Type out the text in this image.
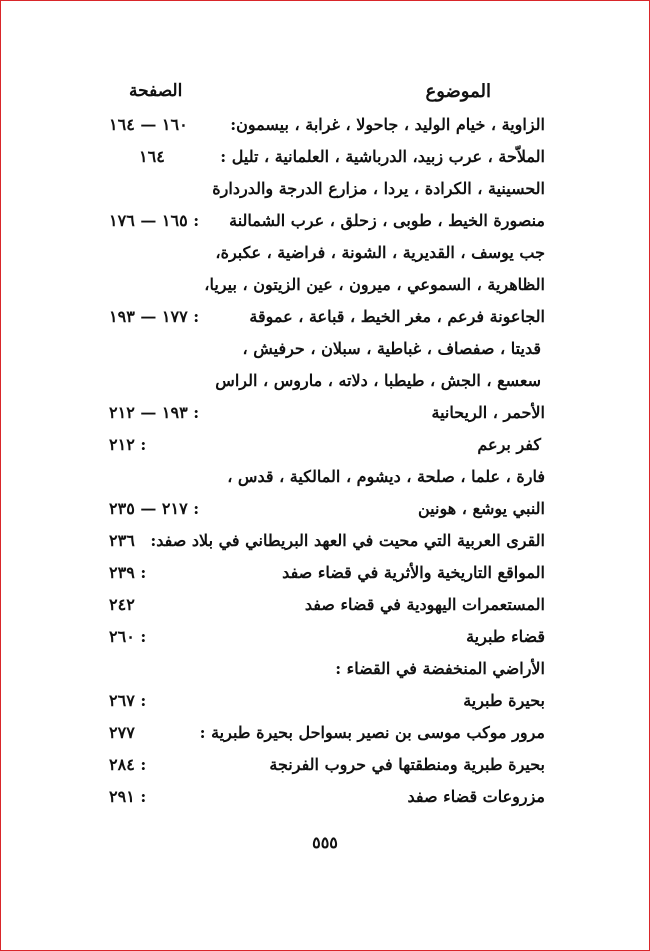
الموضوع
الصفحة
الزاوية ، خيام الوليد ، جاحولا ، غرابة ، بيسمون:
١٦٠ — ١٦٤
الملاّحة ، عرب زبيد، الدرباشية ، العلمانية ، تليل :
١٦٤
الحسينية ، الكرادة ، يردا ، مزارع الدرجة والدردارة
منصورة الخيط ، طوبى ، زحلق ، عرب الشمالنة
: ١٦٥ — ١٧٦
جب يوسف ، القديرية ، الشونة ، فراضية ، عكبرة،
الظاهرية ، السموعي ، ميرون ، عين الزيتون ، بيريا،
الجاعونة فرعم ، مغر الخيط ، قباعة ، عموقة
: ١٧٧ — ١٩٣
قديتا ، صفصاف ، غباطية ، سبلان ، حرفيش ،
سعسع ، الجش ، طيطبا ، دلاته ، ماروس ، الراس
الأحمر ، الريحانية
: ١٩٣ — ٢١٢
كفر برعم
: ٢١٢
فارة ، علما ، صلحة ، ديشوم ، المالكية ، قدس ،
النبي يوشع ، هونين
: ٢١٧ — ٢٣٥
القرى العربية التي محيت في العهد البريطاني في بلاد صفد:
٢٣٦
المواقع التاريخية والأثرية في قضاء صفد
: ٢٣٩
المستعمرات اليهودية في قضاء صفد
٢٤٢
قضاء طبرية
: ٢٦٠
الأراضي المنخفضة في القضاء :
بحيرة طبرية
: ٢٦٧
مرور موكب موسى بن نصير بسواحل بحيرة طبرية :
٢٧٧
بحيرة طبرية ومنطقتها في حروب الفرنجة
: ٢٨٤
مزروعات قضاء صفد
: ٢٩١
٥٥٥
